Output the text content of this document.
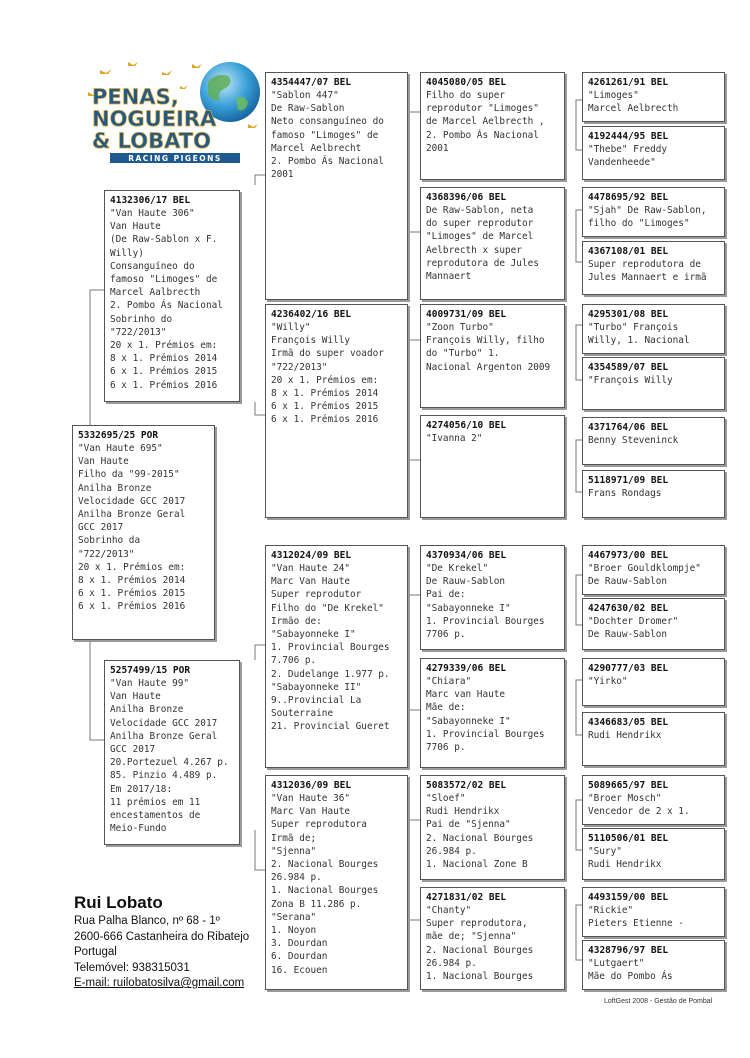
PENAS,
NOGUEIRA
& LOBATO
RACING PIGEONS
5332695/25 POR
"Van Haute 695"
Van Haute
Filho da "99-2015"
Anilha Bronze
Velocidade GCC 2017
Anilha Bronze Geral
GCC 2017
Sobrinho da
"722/2013"
20 x 1. Prémios em:
8 x 1. Prémios 2014
6 x 1. Prémios 2015
6 x 1. Prémios 2016
4132306/17 BEL
"Van Haute 306"
Van Haute
(De Raw-Sablon x F.
Willy)
Consanguíneo do
famoso "Limoges" de
Marcel Aalbrecth
2. Pombo Ás Nacional
Sobrinho do
"722/2013"
20 x 1. Prémios em:
8 x 1. Prémios 2014
6 x 1. Prémios 2015
6 x 1. Prémios 2016
5257499/15 POR
"Van Haute 99"
Van Haute
Anilha Bronze
Velocidade GCC 2017
Anilha Bronze Geral
GCC 2017
20.Portezuel 4.267 p.
85. Pinzio 4.489 p.
Em 2017/18:
11 prémios em 11
encestamentos de
Meio-Fundo
4354447/07 BEL
"Sablon 447"
De Raw-Sablon
Neto consanguíneo do
famoso "Limoges" de
Marcel Aelbrecht
2. Pombo Ás Nacional
2001
4236402/16 BEL
"Willy"
François Willy
Irmã do super voador
"722/2013"
20 x 1. Prémios em:
8 x 1. Prémios 2014
6 x 1. Prémios 2015
6 x 1. Prémios 2016
4312024/09 BEL
"Van Haute 24"
Marc Van Haute
Super reprodutor
Filho do "De Krekel"
Irmão de:
"Sabayonneke I"
1. Provincial Bourges
7.706 p.
2. Dudelange 1.977 p.
"Sabayonneke II"
9..Provincial La
Souterraine
21. Provincial Gueret
4312036/09 BEL
"Van Haute 36"
Marc Van Haute
Super reprodutora
Irmã de;
"Sjenna"
2. Nacional Bourges
26.984 p.
1. Nacional Bourges
Zona B 11.286 p.
"Serana"
1. Noyon
3. Dourdan
6. Dourdan
16. Ecouen
4045080/05 BEL
Filho do super
reprodutor "Limoges"
de Marcel Aelbrecth ,
2. Pombo Ás Nacional
2001
4368396/06 BEL
De Raw-Sablon, neta
do super reprodutor
"Limoges" de Marcel
Aelbrecth x super
reprodutora de Jules
Mannaert
4009731/09 BEL
"Zoon Turbo"
François Willy, filho
do "Turbo" 1.
Nacional Argenton 2009
4274056/10 BEL
"Ivanna 2"
4370934/06 BEL
"De Krekel"
De Rauw-Sablon
Pai de:
"Sabayonneke I"
1. Provincial Bourges
7706 p.
4279339/06 BEL
"Chiara"
Marc van Haute
Mãe de:
"Sabayonneke I"
1. Provincial Bourges
7706 p.
5083572/02 BEL
"Sloef"
Rudi Hendrikx
Pai de "Sjenna"
2. Nacional Bourges
26.984 p.
1. Nacional Zone B
4271831/02 BEL
"Chanty"
Super reprodutora,
mãe de; "Sjenna"
2. Nacional Bourges
26.984 p.
1. Nacional Bourges
4261261/91 BEL
"Limoges"
Marcel Aelbrecth
4192444/95 BEL
"Thebe" Freddy
Vandenheede"
4478695/92 BEL
"Sjah" De Raw-Sablon,
filho do "Limoges"
4367108/01 BEL
Super reprodutora de
Jules Mannaert e irmã
4295301/08 BEL
"Turbo" François
Willy, 1. Nacional
4354589/07 BEL
"François Willy
4371764/06 BEL
Benny Steveninck
5118971/09 BEL
Frans Rondags
4467973/00 BEL
"Broer Gouldklompje"
De Rauw-Sablon
4247630/02 BEL
"Dochter Dromer"
De Rauw-Sablon
4290777/03 BEL
"Yirko"
4346683/05 BEL
Rudi Hendrikx
5089665/97 BEL
"Broer Mosch"
Vencedor de 2 x 1.
5110506/01 BEL
"Sury"
Rudi Hendrikx
4493159/00 BEL
"Rickie"
Pieters Etienne -
4328796/97 BEL
"Lutgaert"
Mãe do Pombo Ás
Rui Lobato
Rua Palha Blanco, nº 68 - 1º
2600-666 Castanheira do Ribatejo
Portugal
Telemóvel: 938315031
E-mail: ruilobatosilva@gmail.com
LoftGest 2008 - Gestão de Pombal
